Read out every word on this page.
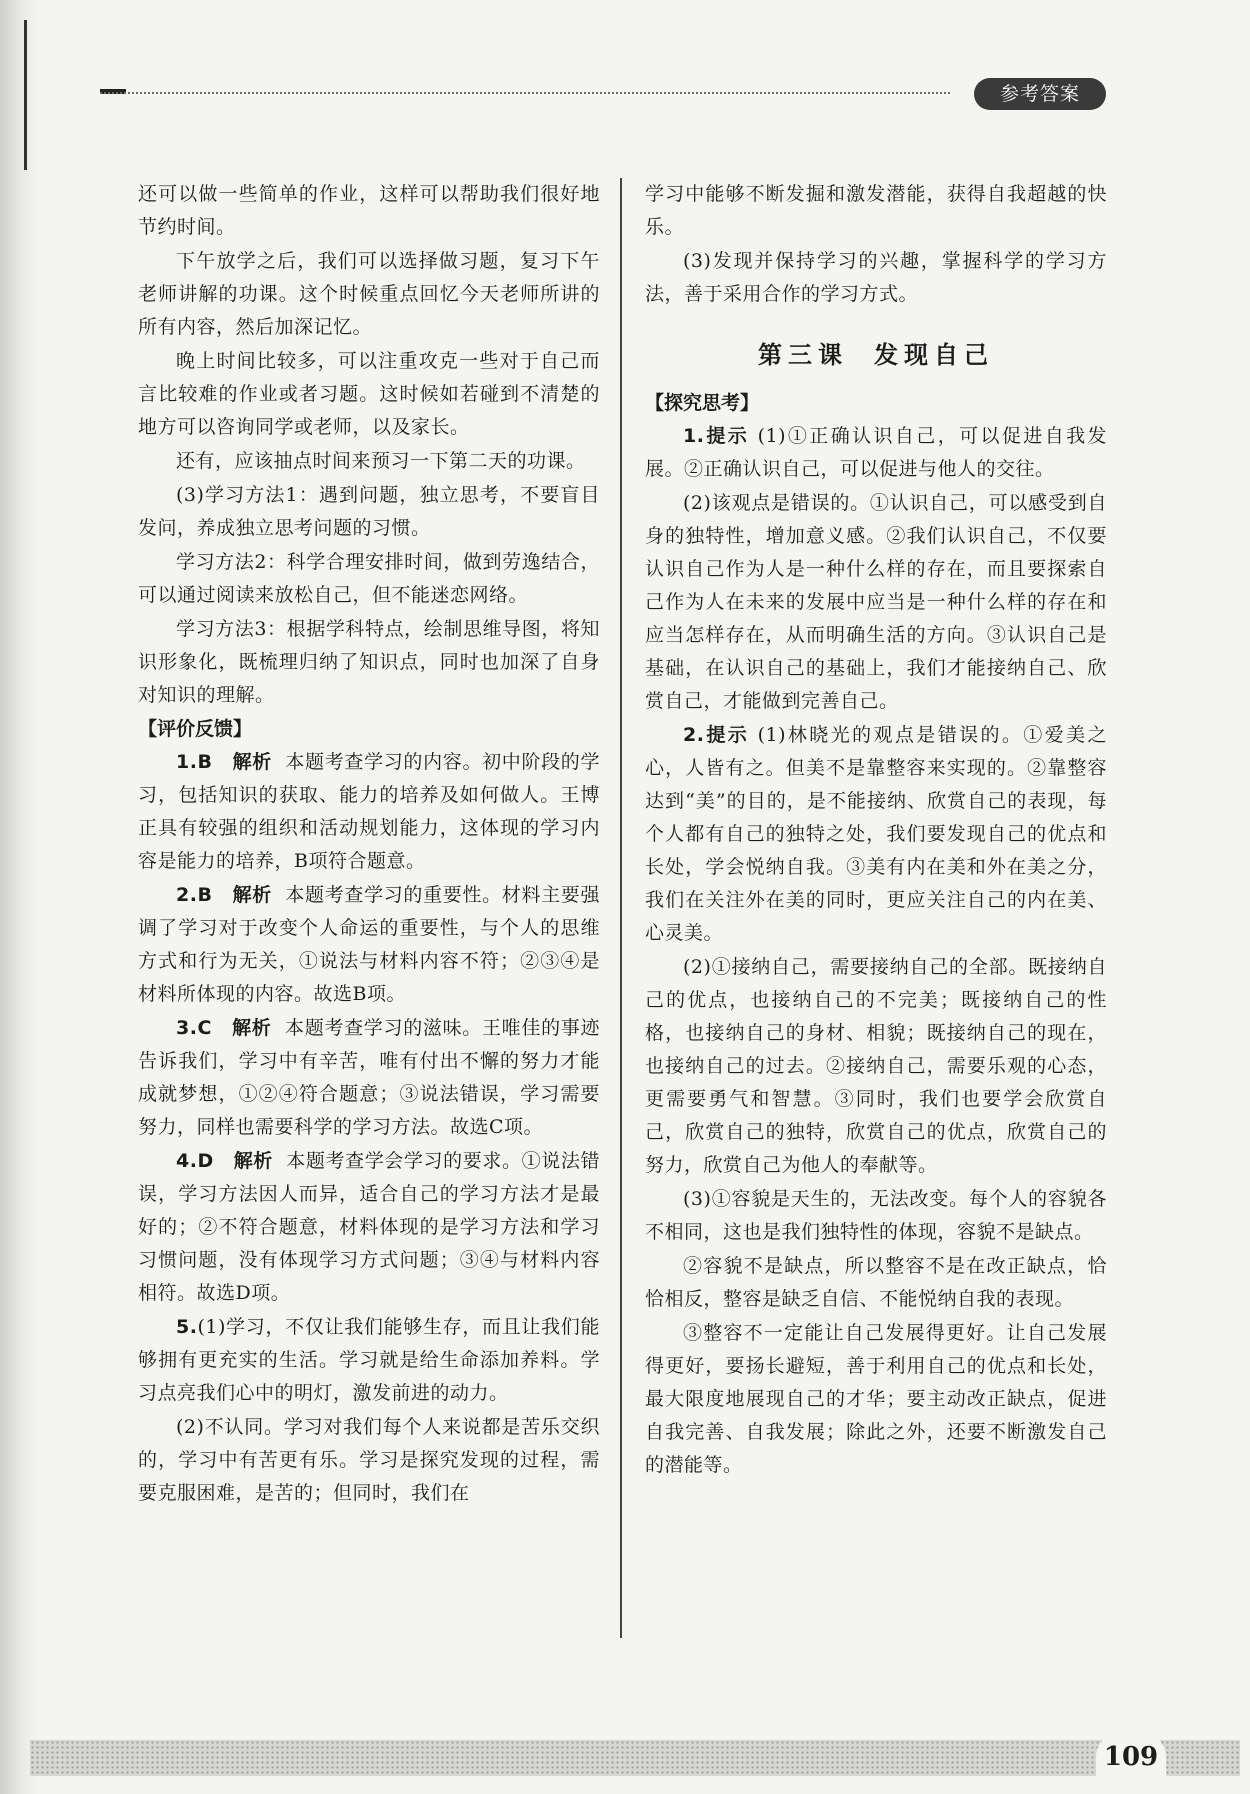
参考答案

还可以做一些简单的作业，这样可以帮助我们很好地节约时间。

下午放学之后，我们可以选择做习题，复习下午老师讲解的功课。这个时候重点回忆今天老师所讲的所有内容，然后加深记忆。

晚上时间比较多，可以注重攻克一些对于自己而言比较难的作业或者习题。这时候如若碰到不清楚的地方可以咨询同学或老师，以及家长。

还有，应该抽点时间来预习一下第二天的功课。

(3)学习方法1：遇到问题，独立思考，不要盲目发问，养成独立思考问题的习惯。

学习方法2：科学合理安排时间，做到劳逸结合，可以通过阅读来放松自己，但不能迷恋网络。

学习方法3：根据学科特点，绘制思维导图，将知识形象化，既梳理归纳了知识点，同时也加深了自身对知识的理解。

【评价反馈】

1.B 解析 本题考查学习的内容。初中阶段的学习，包括知识的获取、能力的培养及如何做人。王博正具有较强的组织和活动规划能力，这体现的学习内容是能力的培养，B项符合题意。

2.B 解析 本题考查学习的重要性。材料主要强调了学习对于改变个人命运的重要性，与个人的思维方式和行为无关，①说法与材料内容不符；②③④是材料所体现的内容。故选B项。

3.C 解析 本题考查学习的滋味。王唯佳的事迹告诉我们，学习中有辛苦，唯有付出不懈的努力才能成就梦想，①②④符合题意；③说法错误，学习需要努力，同样也需要科学的学习方法。故选C项。

4.D 解析 本题考查学会学习的要求。①说法错误，学习方法因人而异，适合自己的学习方法才是最好的；②不符合题意，材料体现的是学习方法和学习习惯问题，没有体现学习方式问题；③④与材料内容相符。故选D项。

5.(1)学习，不仅让我们能够生存，而且让我们能够拥有更充实的生活。学习就是给生命添加养料。学习点亮我们心中的明灯，激发前进的动力。

(2)不认同。学习对我们每个人来说都是苦乐交织的，学习中有苦更有乐。学习是探究发现的过程，需要克服困难，是苦的；但同时，我们在

学习中能够不断发掘和激发潜能，获得自我超越的快乐。

(3)发现并保持学习的兴趣，掌握科学的学习方法，善于采用合作的学习方式。

第三课 发现自己

【探究思考】

1.提示 (1)①正确认识自己，可以促进自我发展。②正确认识自己，可以促进与他人的交往。

(2)该观点是错误的。①认识自己，可以感受到自身的独特性，增加意义感。②我们认识自己，不仅要认识自己作为人是一种什么样的存在，而且要探索自己作为人在未来的发展中应当是一种什么样的存在和应当怎样存在，从而明确生活的方向。③认识自己是基础，在认识自己的基础上，我们才能接纳自己、欣赏自己，才能做到完善自己。

2.提示 (1)林晓光的观点是错误的。①爱美之心，人皆有之。但美不是靠整容来实现的。②靠整容达到“美”的目的，是不能接纳、欣赏自己的表现，每个人都有自己的独特之处，我们要发现自己的优点和长处，学会悦纳自我。③美有内在美和外在美之分，我们在关注外在美的同时，更应关注自己的内在美、心灵美。

(2)①接纳自己，需要接纳自己的全部。既接纳自己的优点，也接纳自己的不完美；既接纳自己的性格，也接纳自己的身材、相貌；既接纳自己的现在，也接纳自己的过去。②接纳自己，需要乐观的心态，更需要勇气和智慧。③同时，我们也要学会欣赏自己，欣赏自己的独特，欣赏自己的优点，欣赏自己的努力，欣赏自己为他人的奉献等。

(3)①容貌是天生的，无法改变。每个人的容貌各不相同，这也是我们独特性的体现，容貌不是缺点。

②容貌不是缺点，所以整容不是在改正缺点，恰恰相反，整容是缺乏自信、不能悦纳自我的表现。

③整容不一定能让自己发展得更好。让自己发展得更好，要扬长避短，善于利用自己的优点和长处，最大限度地展现自己的才华；要主动改正缺点，促进自我完善、自我发展；除此之外，还要不断激发自己的潜能等。

109
